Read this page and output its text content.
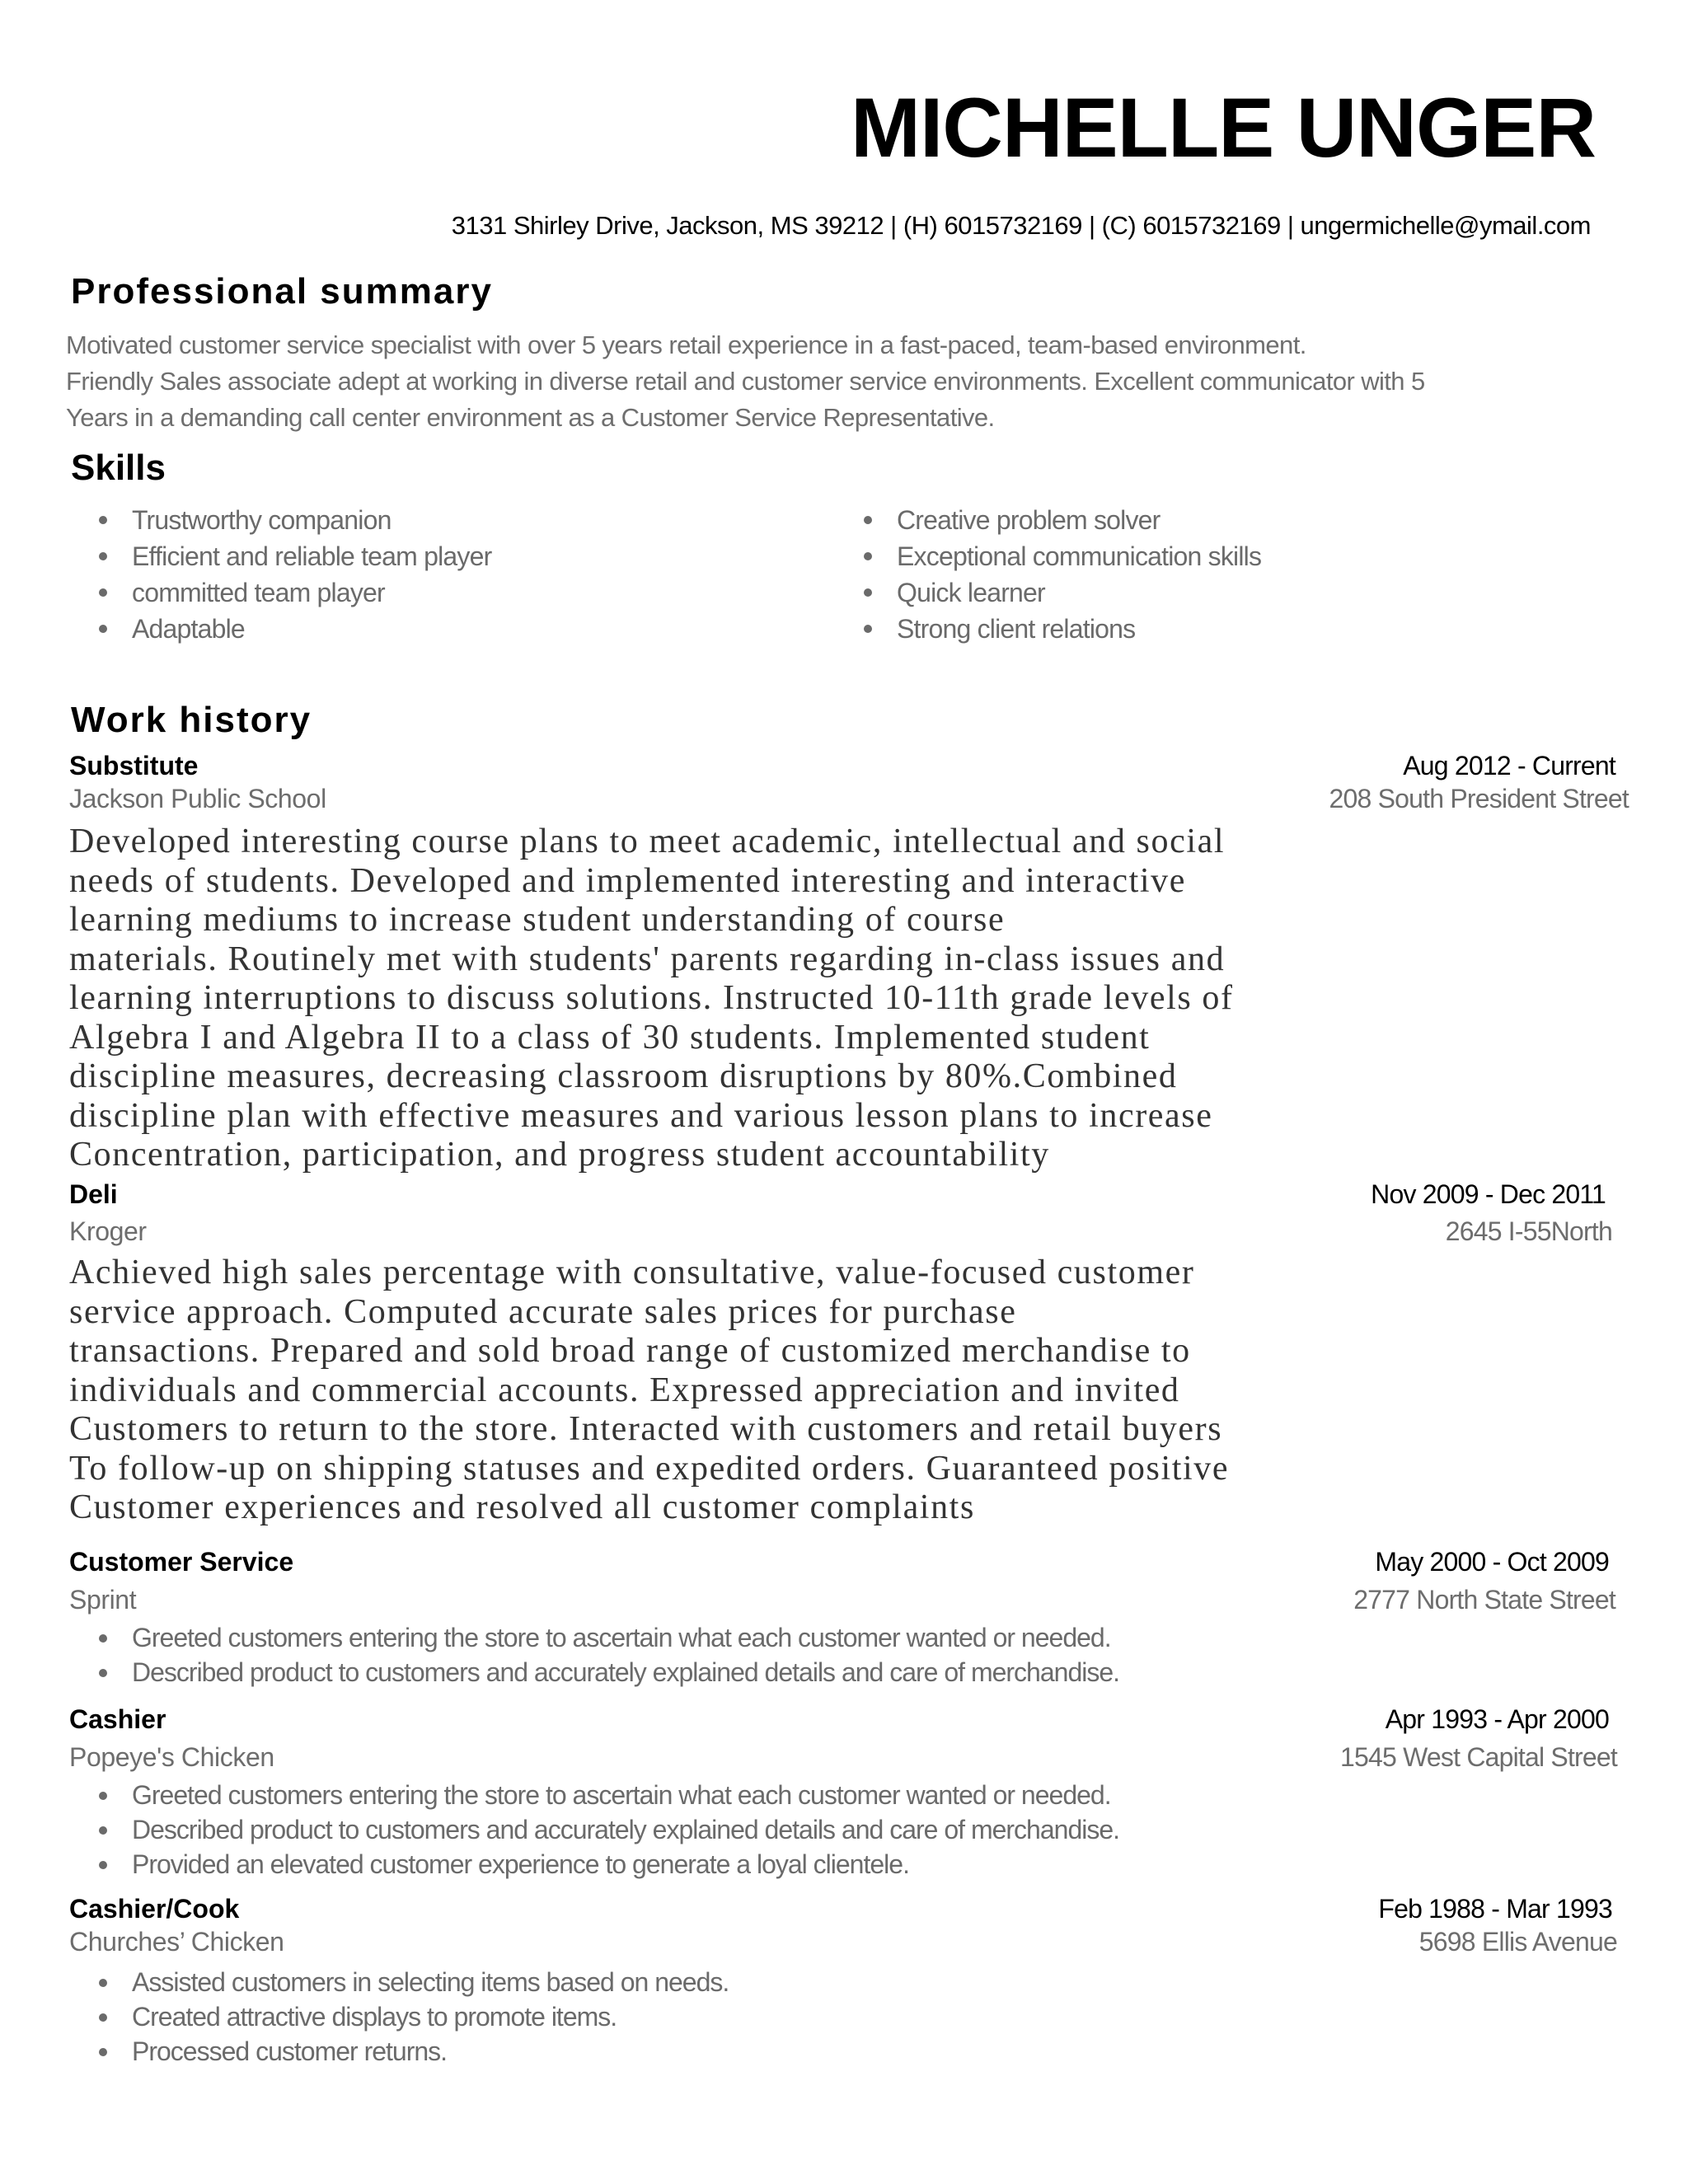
MICHELLE UNGER
3131 Shirley Drive, Jackson, MS 39212 | (H) 6015732169 | (C) 6015732169 | ungermichelle@ymail.com
Professional summary
Motivated customer service specialist with over 5 years retail experience in a fast-paced, team-based environment.
Friendly Sales associate adept at working in diverse retail and customer service environments. Excellent communicator with 5
Years in a demanding call center environment as a Customer Service Representative.
Skills
Trustworthy companion
Efficient and reliable team player
committed team player
Adaptable
Creative problem solver
Exceptional communication skills
Quick learner
Strong client relations
Work history
Substitute	Aug 2012 - Current
Jackson Public School	208 South President Street
Developed interesting course plans to meet academic, intellectual and social
needs of students. Developed and implemented interesting and interactive
learning mediums to increase student understanding of course
materials. Routinely met with students' parents regarding in-class issues and
learning interruptions to discuss solutions. Instructed 10-11th grade levels of
Algebra I and Algebra II to a class of 30 students. Implemented student
discipline measures, decreasing classroom disruptions by 80%.Combined
discipline plan with effective measures and various lesson plans to increase
Concentration, participation, and progress student accountability
Deli	Nov 2009 - Dec 2011
Kroger	2645 I-55North
Achieved high sales percentage with consultative, value-focused customer
service approach. Computed accurate sales prices for purchase
transactions. Prepared and sold broad range of customized merchandise to
individuals and commercial accounts. Expressed appreciation and invited
Customers to return to the store. Interacted with customers and retail buyers
To follow-up on shipping statuses and expedited orders. Guaranteed positive
Customer experiences and resolved all customer complaints
Customer Service	May 2000 - Oct 2009
Sprint	2777 North State Street
Greeted customers entering the store to ascertain what each customer wanted or needed.
Described product to customers and accurately explained details and care of merchandise.
Cashier	Apr 1993 - Apr 2000
Popeye's Chicken	1545 West Capital Street
Greeted customers entering the store to ascertain what each customer wanted or needed.
Described product to customers and accurately explained details and care of merchandise.
Provided an elevated customer experience to generate a loyal clientele.
Cashier/Cook	Feb 1988 - Mar 1993
Churches’ Chicken	5698 Ellis Avenue
Assisted customers in selecting items based on needs.
Created attractive displays to promote items.
Processed customer returns.
